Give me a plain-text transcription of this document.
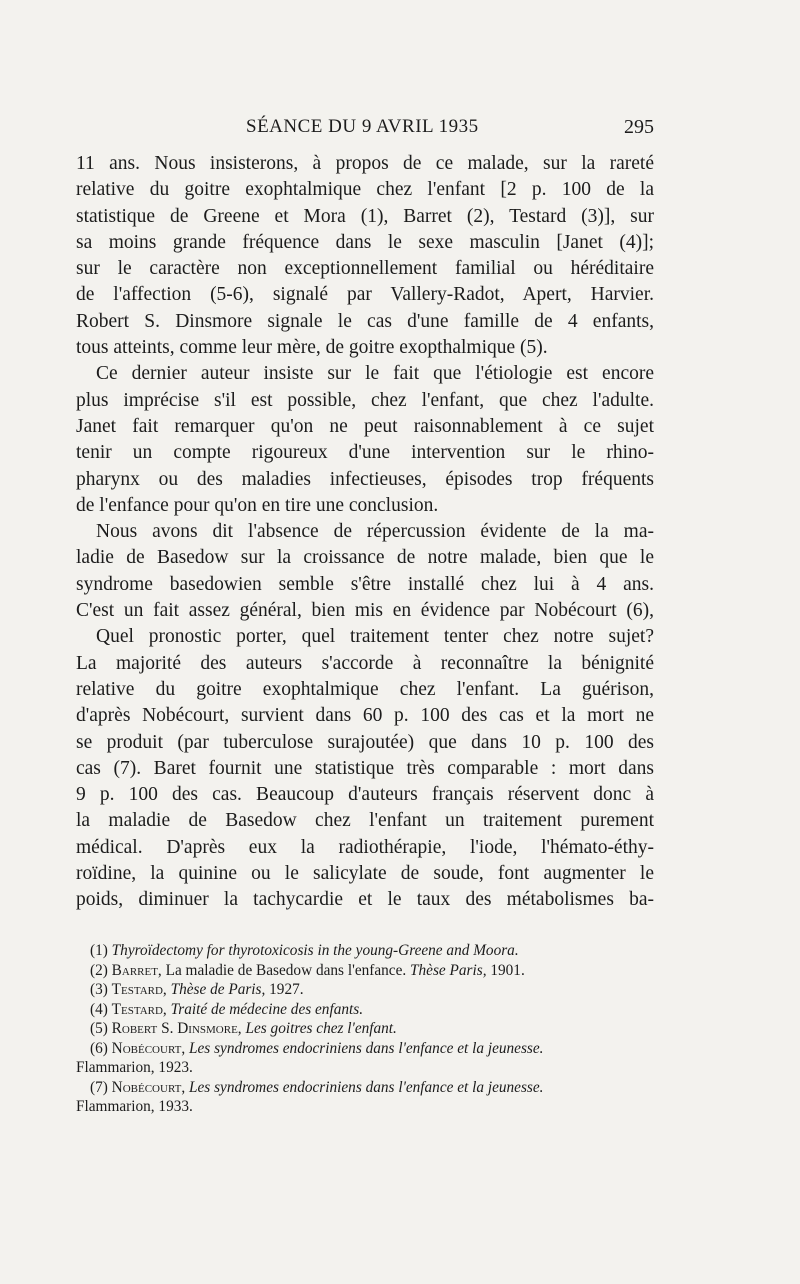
SÉANCE DU 9 AVRIL 1935	295
11 ans. Nous insisterons, à propos de ce malade, sur la rareté
relative du goitre exophtalmique chez l'enfant [2 p. 100 de la
statistique de Greene et Mora (1), Barret (2), Testard (3)], sur
sa moins grande fréquence dans le sexe masculin [Janet (4)];
sur le caractère non exceptionnellement familial ou héréditaire
de l'affection (5-6), signalé par Vallery-Radot, Apert, Harvier.
Robert S. Dinsmore signale le cas d'une famille de 4 enfants,
tous atteints, comme leur mère, de goitre exopthalmique (5).
Ce dernier auteur insiste sur le fait que l'étiologie est encore
plus imprécise s'il est possible, chez l'enfant, que chez l'adulte.
Janet fait remarquer qu'on ne peut raisonnablement à ce sujet
tenir un compte rigoureux d'une intervention sur le rhino-
pharynx ou des maladies infectieuses, épisodes trop fréquents
de l'enfance pour qu'on en tire une conclusion.
Nous avons dit l'absence de répercussion évidente de la ma-
ladie de Basedow sur la croissance de notre malade, bien que le
syndrome basedowien semble s'être installé chez lui à 4 ans.
C'est un fait assez général, bien mis en évidence par Nobécourt (6),
Quel pronostic porter, quel traitement tenter chez notre sujet?
La majorité des auteurs s'accorde à reconnaître la bénignité
relative du goitre exophtalmique chez l'enfant. La guérison,
d'après Nobécourt, survient dans 60 p. 100 des cas et la mort ne
se produit (par tuberculose surajoutée) que dans 10 p. 100 des
cas (7). Baret fournit une statistique très comparable : mort dans
9 p. 100 des cas. Beaucoup d'auteurs français réservent donc à
la maladie de Basedow chez l'enfant un traitement purement
médical. D'après eux la radiothérapie, l'iode, l'hémato-éthy-
roïdine, la quinine ou le salicylate de soude, font augmenter le
poids, diminuer la tachycardie et le taux des métabolismes ba-
(1) Thyroïdectomy for thyrotoxicosis in the young-Greene and Moora.
(2) Barret, La maladie de Basedow dans l'enfance. Thèse Paris, 1901.
(3) Testard, Thèse de Paris, 1927.
(4) Testard, Traité de médecine des enfants.
(5) Robert S. Dinsmore, Les goitres chez l'enfant.
(6) Nobécourt, Les syndromes endocriniens dans l'enfance et la jeunesse.
Flammarion, 1923.
(7) Nobécourt, Les syndromes endocriniens dans l'enfance et la jeunesse.
Flammarion, 1933.
